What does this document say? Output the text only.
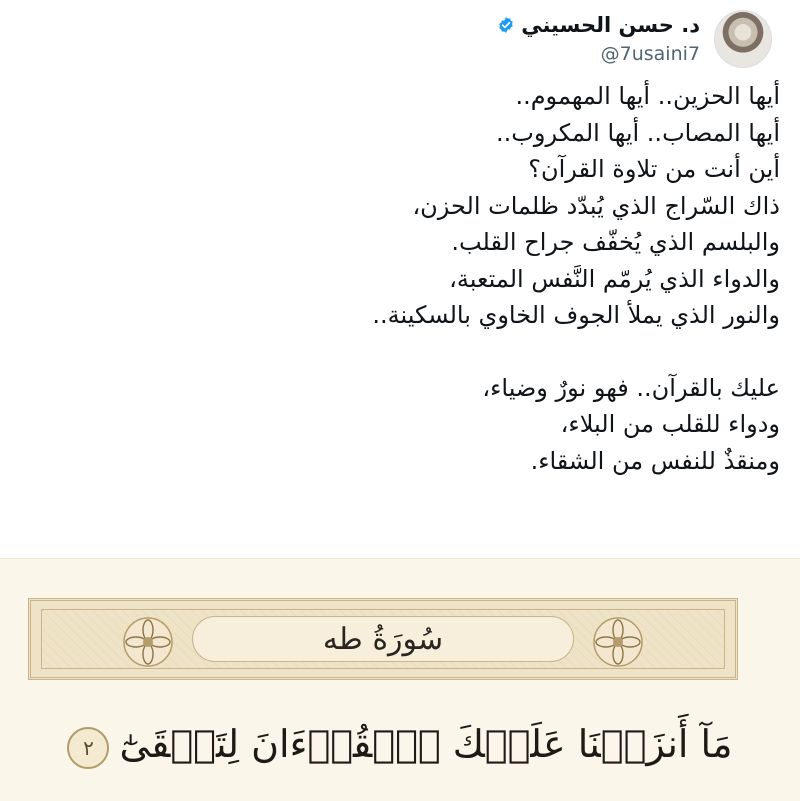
د. حسن الحسيني
@7usaini7

أيها الحزين.. أيها المهموم..

أيها المصاب.. أيها المكروب..

أين أنت من تلاوة القرآن؟

ذاك السّراج الذي يُبدّد ظلمات الحزن،

والبلسم الذي يُخفّف جراح القلب.

والدواء الذي يُرمّم النَّفس المتعبة،

والنور الذي يملأ الجوف الخاوي بالسكينة..

عليك بالقرآن.. فهو نورٌ وضياء،

ودواء للقلب من البلاء،

ومنقذٌ للنفس من الشقاء.

سُورَةُ طه
مَآ أَنزَلۡنَا عَلَيۡكَ ٱلۡقُرۡءَانَ لِتَشۡقَىٰٓ٢
